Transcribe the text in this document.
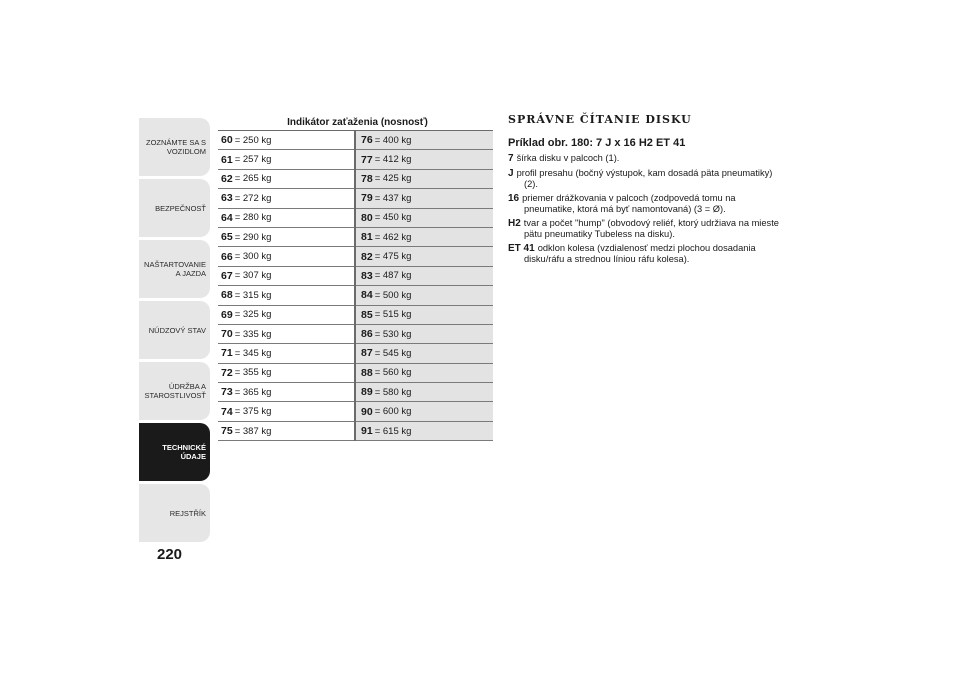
ZOZNÁMTE SA S VOZIDLOM
BEZPEČNOSŤ
NAŠTARTOVANIE A JAZDA
NÚDZOVÝ STAV
ÚDRŽBA A STAROSTLIVOSŤ
TECHNICKÉ ÚDAJE
REJSTŘÍK
220
Indikátor zaťaženia (nosnosť)
60 = 250 kg
61 = 257 kg
62 = 265 kg
63 = 272 kg
64 = 280 kg
65 = 290 kg
66 = 300 kg
67 = 307 kg
68 = 315 kg
69 = 325 kg
70 = 335 kg
71 = 345 kg
72 = 355 kg
73 = 365 kg
74 = 375 kg
75 = 387 kg
76 = 400 kg
77 = 412 kg
78 = 425 kg
79 = 437 kg
80 = 450 kg
81 = 462 kg
82 = 475 kg
83 = 487 kg
84 = 500 kg
85 = 515 kg
86 = 530 kg
87 = 545 kg
88 = 560 kg
89 = 580 kg
90 = 600 kg
91 = 615 kg
SPRÁVNE ČÍTANIE DISKU
Príklad obr. 180: 7 J x 16 H2 ET 41
7 šírka disku v palcoch (1).
J profil presahu (bočný výstupok, kam dosadá päta pneumatiky) (2).
16 priemer drážkovania v palcoch (zodpovedá tomu na pneumatike, ktorá má byť namontovaná) (3 = Ø).
H2 tvar a počet "hump" (obvodový reliéf, ktorý udržiava na mieste pätu pneumatiky Tubeless na disku).
ET 41 odklon kolesa (vzdialenosť medzi plochou dosadania disku/ráfu a strednou líniou ráfu kolesa).
